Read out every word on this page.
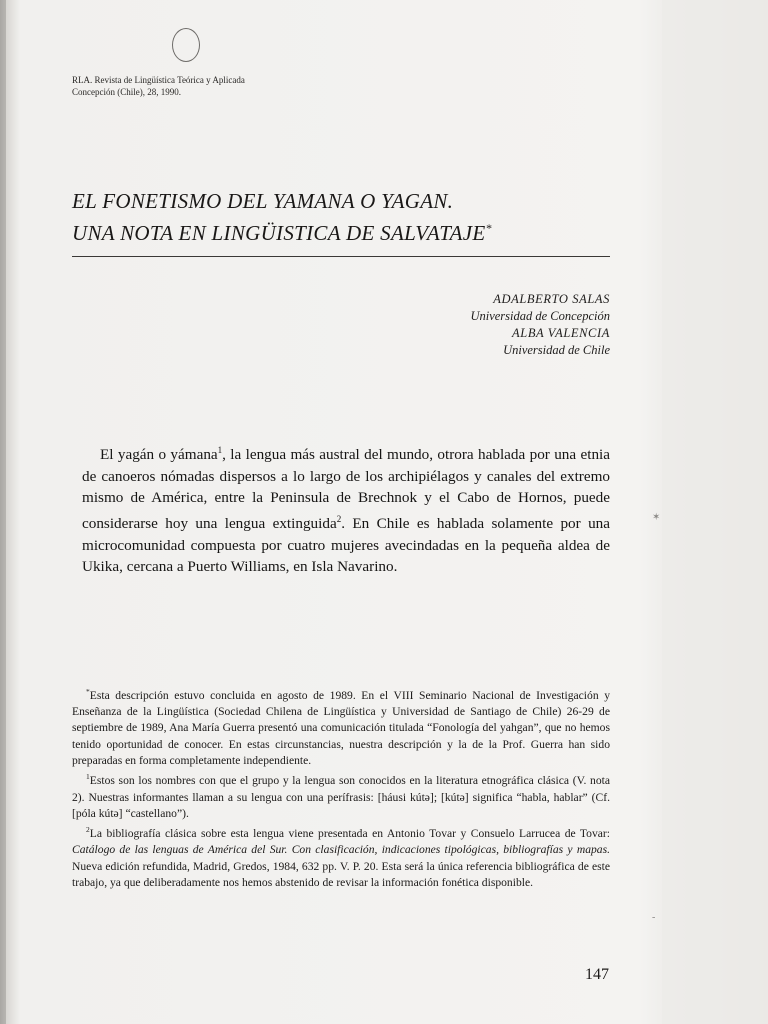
RLA. Revista de Lingüística Teórica y Aplicada
Concepción (Chile), 28, 1990.
EL FONETISMO DEL YAMANA O YAGAN.
UNA NOTA EN LINGÜISTICA DE SALVATAJE*
ADALBERTO SALAS
Universidad de Concepción
ALBA VALENCIA
Universidad de Chile

El yagán o yámana$^1$, la lengua más austral del mundo, otrora hablada por una etnia de canoeros nómadas dispersos a lo largo de los archipiélagos y canales del extremo mismo de América, entre la Peninsula de Brechnok y el Cabo de Hornos, puede considerarse hoy una lengua extinguida$^2$. En Chile es hablada solamente por una microcomunidad compuesta por cuatro mujeres avecindadas en la pequeña aldea de Ukika, cercana a Puerto Williams, en Isla Navarino.

*Esta descripción estuvo concluida en agosto de 1989. En el VIII Seminario Nacional de Investigación y Enseñanza de la Lingüística (Sociedad Chilena de Lingüística y Universidad de Santiago de Chile) 26-29 de septiembre de 1989, Ana María Guerra presentó una comunicación titulada “Fonología del yahgan”, que no hemos tenido oportunidad de conocer. En estas circunstancias, nuestra descripción y la de la Prof. Guerra han sido preparadas en forma completamente independiente.

$^1$Estos son los nombres con que el grupo y la lengua son conocidos en la literatura etnográfica clásica (V. nota 2). Nuestras informantes llaman a su lengua con una perífrasis: [háusi kútə]; [kútə] significa “habla, hablar” (Cf. [póla kútə] “castellano”).

$^2$La bibliografía clásica sobre esta lengua viene presentada en Antonio Tovar y Consuelo Larrucea de Tovar: Catálogo de las lenguas de América del Sur. Con clasificación, indicaciones tipológicas, bibliografías y mapas. Nueva edición refundida, Madrid, Gredos, 1984, 632 pp. V. P. 20. Esta será la única referencia bibliográfica de este trabajo, ya que deliberadamente nos hemos abstenido de revisar la información fonética disponible.

147
✶
-
